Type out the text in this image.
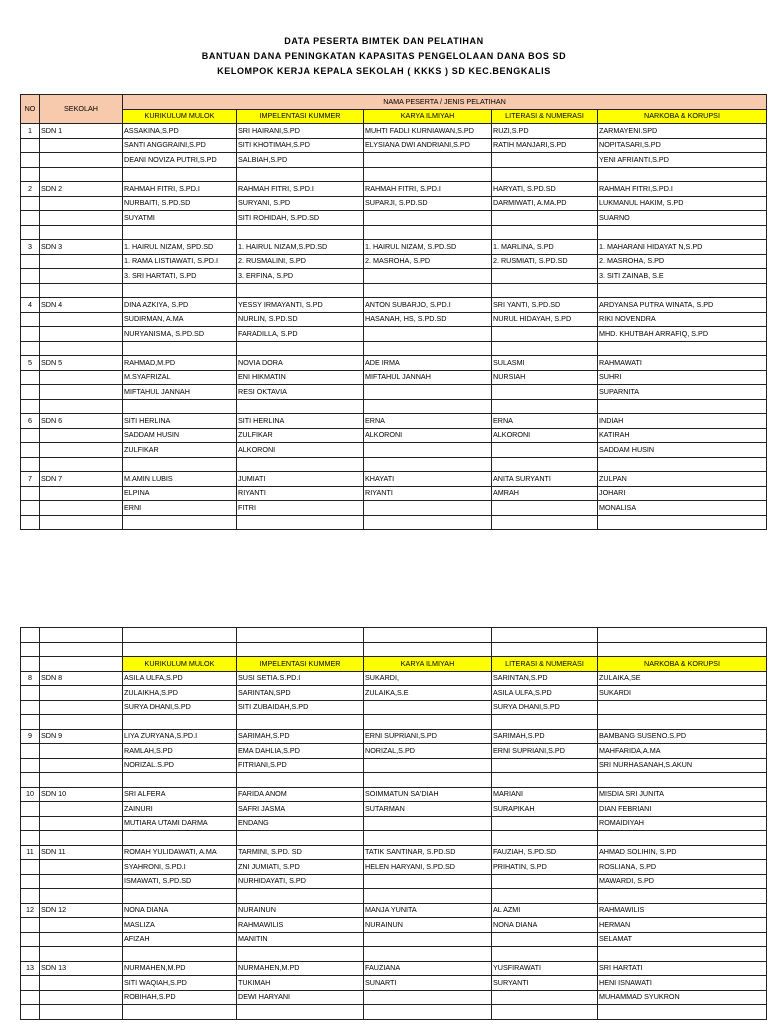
DATA PESERTA BIMTEK DAN PELATIHAN
BANTUAN DANA PENINGKATAN KAPASITAS PENGELOLAAN DANA BOS SD
KELOMPOK KERJA KEPALA SEKOLAH ( KKKS ) SD KEC.BENGKALIS
NO	SEKOLAH	NAMA PESERTA / JENIS PELATIHAN				
		KURIKULUM MULOK	IMPELENTASI KUMMER	KARYA ILMIYAH	LITERASI & NUMERASI	NARKOBA & KORUPSI
1	SDN 1	ASSAKINA,S.PD	SRI HAIRANI,S.PD	MUHTI FADLI KURNIAWAN,S.PD	RUZI,S.PD	ZARMAYENI.SPD
		SANTI ANGGRAINI,S.PD	SITI KHOTIMAH,S.PD	ELYSIANA DWI ANDRIANI,S.PD	RATIH MANJARI,S.PD	NOPITASARI,S.PD
		DEANI NOVIZA PUTRI,S.PD	SALBIAH,S.PD			YENI AFRIANTI,S.PD

2	SDN 2	RAHMAH FITRI, S.PD.I	RAHMAH FITRI, S.PD.I	RAHMAH FITRI, S.PD.I	HARYATI, S.PD.SD	RAHMAH FITRI,S.PD.I
		NURBAITI, S.PD.SD	SURYANI, S.PD	SUPARJI, S.PD.SD	DARMIWATI, A.MA.PD	LUKMANUL HAKIM, S.PD
		SUYATMI	SITI ROHIDAH, S.PD.SD			SUARNO

3	SDN 3	1. HAIRUL NIZAM, SPD.SD	1. HAIRUL NIZAM,S.PD.SD	1. HAIRUL NIZAM, S.PD.SD	1. MARLINA, S.PD	1. MAHARANI HIDAYAT N,S.PD
		1. RAMA LISTIAWATI, S.PD.I	2. RUSMALINI, S.PD	2. MASROHA, S.PD	2. RUSMIATI, S.PD.SD	2. MASROHA, S.PD
		3. SRI HARTATI, S.PD	3. ERFINA, S.PD			3. SITI ZAINAB, S.E

4	SDN 4	DINA AZKIYA, S.PD	YESSY IRMAYANTI, S.PD	ANTON SUBARJO, S.PD.I	SRI YANTI, S.PD.SD	ARDYANSA PUTRA WINATA, S.PD
		SUDIRMAN, A.MA	NURLIN, S.PD.SD	HASANAH, HS, S.PD.SD	NURUL HIDAYAH, S.PD	RIKI NOVENDRA
		NURYANISMA, S.PD.SD	FARADILLA, S.PD			MHD. KHUTBAH ARRAFIQ, S.PD

5	SDN 5	RAHMAD,M.PD	NOVIA DORA	ADE IRMA	SULASMI	RAHMAWATI
		M.SYAFRIZAL	ENI HIKMATIN	MIFTAHUL JANNAH	NURSIAH	SUHRI
		MIFTAHUL JANNAH	RESI OKTAVIA			SUPARNITA

6	SDN 6	SITI HERLINA	SITI HERLINA	ERNA	ERNA	INDIAH
		SADDAM HUSIN	ZULFIKAR	ALKORONI	ALKORONI	KATIRAH
		ZULFIKAR	ALKORONI			SADDAM HUSIN

7	SDN 7	M.AMIN LUBIS	JUMIATI	KHAYATI	ANITA SURYANTI	ZULPAN
		ELPINA	RIYANTI	RIYANTI	AMRAH	JOHARI
		ERNI	FITRI			MONALISA

		KURIKULUM MULOK	IMPELENTASI KUMMER	KARYA ILMIYAH	LITERASI & NUMERASI	NARKOBA & KORUPSI
8	SDN 8	ASILA ULFA,S.PD	SUSI SETIA.S.PD.I	SUKARDI,	SARINTAN,S.PD	ZULAIKA,SE
		ZULAIKHA,S.PD	SARINTAN,SPD	ZULAIKA,S.E	ASILA ULFA,S.PD	SUKARDI
		SURYA DHANI,S.PD	SITI ZUBAIDAH,S.PD		SURYA DHANI,S.PD	

9	SDN 9	LIYA ZURYANA,S.PD.I	SARIMAH,S.PD	ERNI SUPRIANI,S.PD	SARIMAH,S.PD	BAMBANG SUSENO.S.PD
		RAMLAH,S.PD	EMA DAHLIA,S.PD	NORIZAL,S.PD	ERNI SUPRIANI,S.PD	MAHFARIDA,A.MA
		NORIZAL.S.PD	FITRIANI,S.PD			SRI NURHASANAH,S.AKUN

10	SDN 10	SRI ALFERA	FARIDA ANOM	SOIMMATUN SA'DIAH	MARIANI	MISDIA SRI JUNITA
		ZAINURI	SAFRI JASMA	SUTARMAN	SURAPIKAH	DIAN FEBRIANI
		MUTIARA UTAMI DARMA	ENDANG			ROMAIDIYAH

11	SDN 11	ROMAH YULIDAWATI, A.MA	TARMINI, S.PD. SD	TATIK SANTINAR, S.PD.SD	FAUZIAH, S.PD.SD	AHMAD SOLIHIN, S.PD
		SYAHRONI, S.PD.I	ZNI JUMIATI, S.PD	HELEN HARYANI, S.PD.SD	PRIHATIN, S.PD	ROSLIANA, S.PD
		ISMAWATI, S.PD.SD	NURHIDAYATI, S.PD			MAWARDI, S.PD

12	SDN 12	NONA DIANA	NURAINUN	MANJA YUNITA	AL AZMI	RAHMAWILIS
		MASLIZA	RAHMAWILIS	NURAINUN	NONA DIANA	HERMAN
		AFIZAH	MANITIN			SELAMAT

13	SDN 13	NURMAHEN,M.PD	NURMAHEN,M.PD	FAUZIANA	YUSFIRAWATI	SRI HARTATI
		SITI WAQIAH,S.PD	TUKIMAH	SUNARTI	SURYANTI	HENI ISNAWATI
		ROBIHAH,S.PD	DEWI HARYANI			MUHAMMAD SYUKRON
